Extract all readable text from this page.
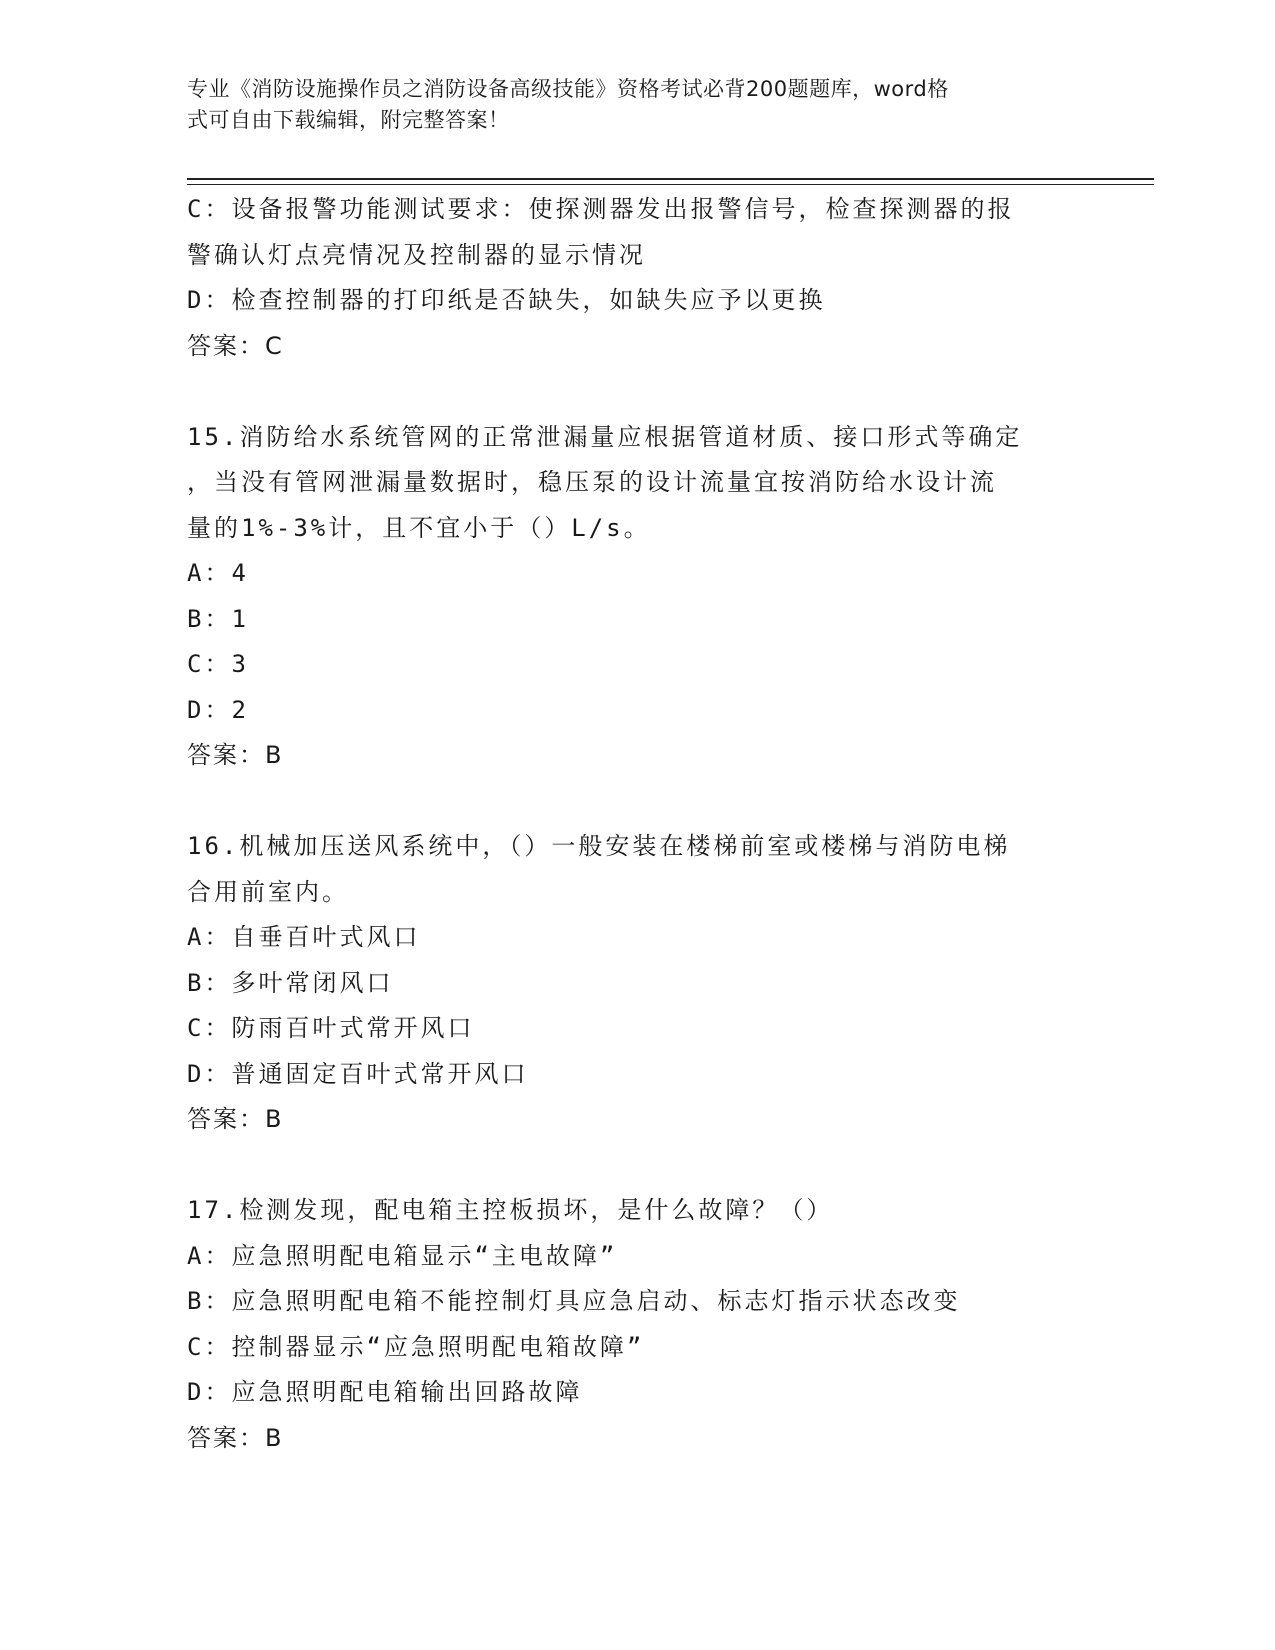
专业《消防设施操作员之消防设备高级技能》资格考试必背200题题库，word格
式可自由下载编辑，附完整答案！
C：设备报警功能测试要求：使探测器发出报警信号，检查探测器的报
警确认灯点亮情况及控制器的显示情况
D：检查控制器的打印纸是否缺失，如缺失应予以更换
答案：C
15.消防给水系统管网的正常泄漏量应根据管道材质、接口形式等确定
，当没有管网泄漏量数据时，稳压泵的设计流量宜按消防给水设计流
量的1%-3%计，且不宜小于（）L/s。
A：4
B：1
C：3
D：2
答案：B
16.机械加压送风系统中，（）一般安装在楼梯前室或楼梯与消防电梯
合用前室内。
A：自垂百叶式风口
B：多叶常闭风口
C：防雨百叶式常开风口
D：普通固定百叶式常开风口
答案：B
17.检测发现，配电箱主控板损坏，是什么故障？（）
A：应急照明配电箱显示“主电故障”
B：应急照明配电箱不能控制灯具应急启动、标志灯指示状态改变
C：控制器显示“应急照明配电箱故障”
D：应急照明配电箱输出回路故障
答案：B
